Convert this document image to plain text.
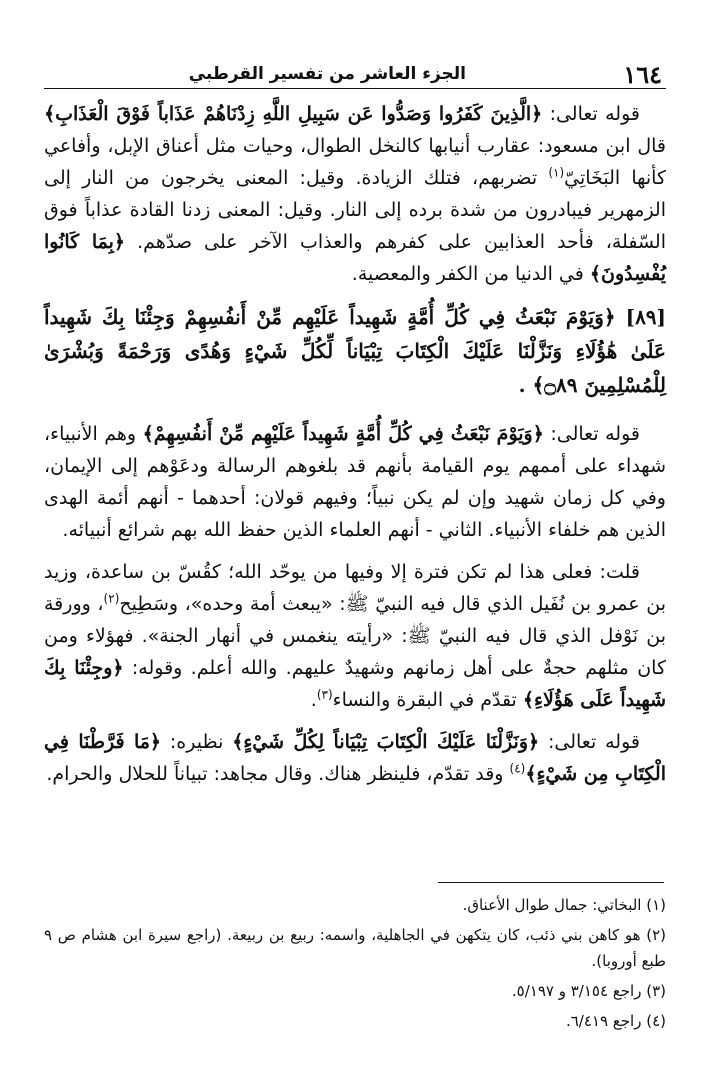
١٦٤
الجزء العاشر من تفسير القرطبي

قوله تعالى: ﴿الَّذِينَ كَفَرُوا وَصَدُّوا عَن سَبِيلِ اللَّهِ زِدْنَاهُمْ عَذَاباً فَوْقَ الْعَذَابِ﴾ قال ابن مسعود: عقارب أنيابها كالنخل الطوال، وحيات مثل أعناق الإبل، وأفاعي كأنها البَخَاتِيّ$^{(١)}$ تضربهم، فتلك الزيادة. وقيل: المعنى يخرجون من النار إلى الزمهرير فيبادرون من شدة برده إلى النار. وقيل: المعنى زدنا القادة عذاباً فوق السّفلة، فأحد العذابين على كفرهم والعذاب الآخر على صدّهم. ﴿بِمَا كَانُوا يُفْسِدُونَ﴾ في الدنيا من الكفر والمعصية.

[٨٩] ﴿وَيَوْمَ نَبْعَثُ فِي كُلِّ أُمَّةٍ شَهِيداً عَلَيْهِم مِّنْ أَنفُسِهِمْ وَجِئْنَا بِكَ شَهِيداً عَلَىٰ هَٰؤُلَاءِ وَنَزَّلْنَا عَلَيْكَ الْكِتَابَ تِبْيَاناً لِّكُلِّ شَيْءٍ وَهُدًى وَرَحْمَةً وَبُشْرَىٰ لِلْمُسْلِمِينَ ۝٨٩﴾ .

قوله تعالى: ﴿وَيَوْمَ نَبْعَثُ فِي كُلِّ أُمَّةٍ شَهِيداً عَلَيْهِم مِّنْ أَنفُسِهِمْ﴾ وهم الأنبياء، شهداء على أممهم يوم القيامة بأنهم قد بلغوهم الرسالة ودعَوْهم إلى الإيمان، وفي كل زمان شهيد وإن لم يكن نبياً؛ وفيهم قولان: أحدهما - أنهم أئمة الهدى الذين هم خلفاء الأنبياء. الثاني - أنهم العلماء الذين حفظ الله بهم شرائع أنبيائه.

قلت: فعلى هذا لم تكن فترة إلا وفيها من يوحّد الله؛ كقُسّ بن ساعدة، وزيد بن عمرو بن نُفَيل الذي قال فيه النبيّ ﷺ: «يبعث أمة وحده»، وسَطِيح$^{(٢)}$، وورقة بن نَوْفل الذي قال فيه النبيّ ﷺ: «رأيته ينغمس في أنهار الجنة». فهؤلاء ومن كان مثلهم حجةٌ على أهل زمانهم وشهيدٌ عليهم. والله أعلم. وقوله: ﴿وجِئْنَا بِكَ شَهِيداً عَلَى هَؤُلَاءِ﴾ تقدّم في البقرة والنساء$^{(٣)}$.

قوله تعالى: ﴿وَنَزَّلْنَا عَلَيْكَ الْكِتَابَ تِبْيَاناً لِكُلِّ شَيْءٍ﴾ نظيره: ﴿مَا فَرَّطْنَا فِي الْكِتَابِ مِن شَيْءٍ﴾$^{(٤)}$ وقد تقدّم، فلينظر هناك. وقال مجاهد: تبياناً للحلال والحرام.

(١) البخاتي: جمال طوال الأعناق.

(٢) هو كاهن بني ذئب، كان يتكهن في الجاهلية، واسمه: ربيع بن ربيعة. (راجع سيرة ابن هشام ص ٩ طبع أوروبا).

(٣) راجع ٣/١٥٤ و ٥/١٩٧.

(٤) راجع ٦/٤١٩.
